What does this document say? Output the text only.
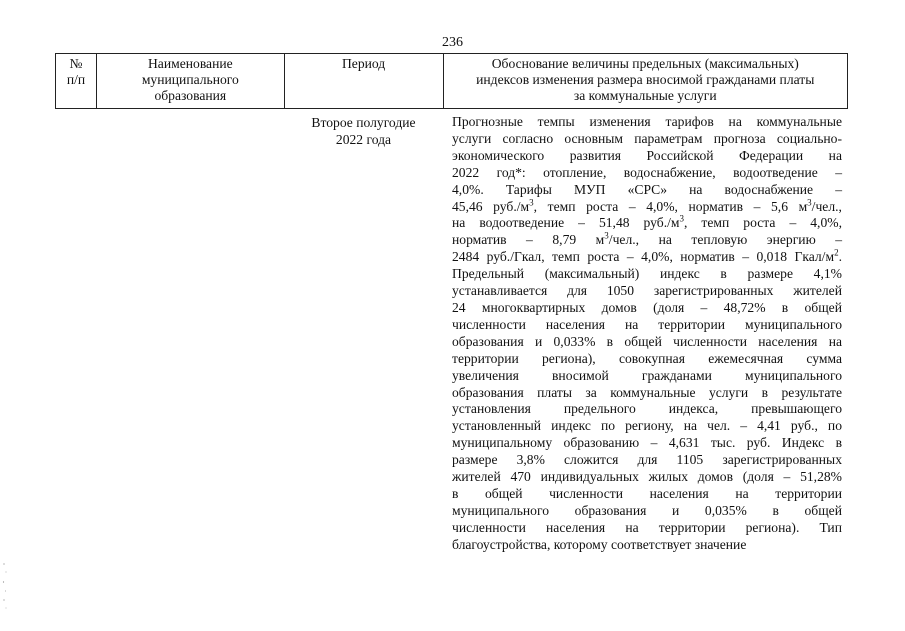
236
№
п/п
Наименование
муниципального
образования
Период	Обоснование величины предельных (максимальных)
индексов изменения размера вносимой гражданами платы
за коммунальные услуги
Второе полугодие
2022 года
Прогнозные темпы изменения тарифов на коммунальные
услуги согласно основным параметрам прогноза социально-
экономического развития Российской Федерации на
2022 год*: отопление, водоснабжение, водоотведение –
4,0%. Тарифы МУП «СРС» на водоснабжение –
45,46 $руб./м^3$, темп роста – 4,0%, норматив – 5,6 $м^3$/чел.,
на водоотведение – 51,48 $руб./м^3$, темп роста – 4,0%,
норматив – 8,79 $м^3$/чел., на тепловую энергию –
2484 руб./Гкал, темп роста – 4,0%, норматив – 0,018 Гкал/$м^2$.
Предельный (максимальный) индекс в размере 4,1%
устанавливается для 1050 зарегистрированных жителей
24 многоквартирных домов (доля – 48,72% в общей
численности населения на территории муниципального
образования и 0,033% в общей численности населения на
территории региона), совокупная ежемесячная сумма
увеличения вносимой гражданами муниципального
образования платы за коммунальные услуги в результате
установления предельного индекса, превышающего
установленный индекс по региону, на чел. – 4,41 руб., по
муниципальному образованию – 4,631 тыс. руб. Индекс в
размере 3,8% сложится для 1105 зарегистрированных
жителей 470 индивидуальных жилых домов (доля – 51,28%
в общей численности населения на территории
муниципального образования и 0,035% в общей
численности населения на территории региона). Тип
благоустройства, которому соответствует значение
